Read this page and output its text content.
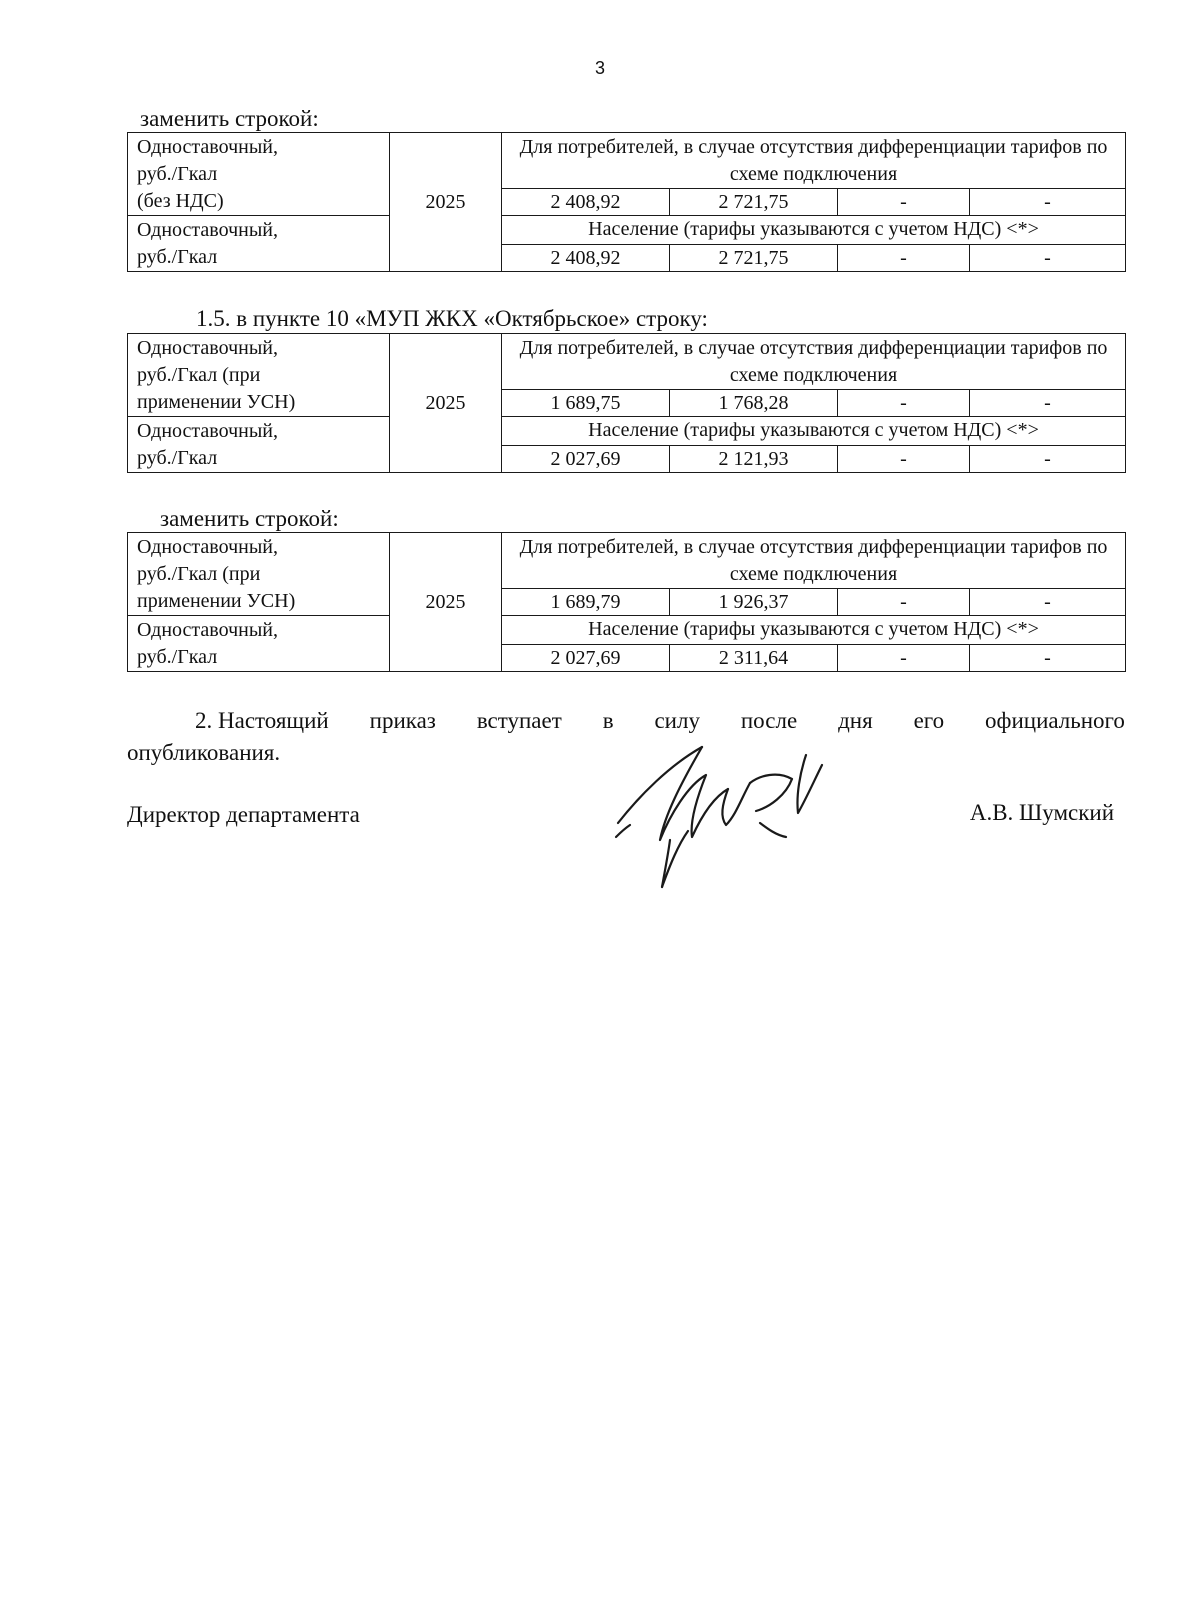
3
заменить строкой:
Одноставочный,
руб./Гкал
(без НДС)	2025	Для потребителей, в случае отсутствия дифференциации тарифов по схеме подключения			

		2 408,92	2 721,75	-	-

Одноставочный,
руб./Гкал		Население (тарифы указываются с учетом НДС) <*>			
		2 408,92	2 721,75	-	-
1.5. в пункте 10 «МУП ЖКХ «Октябрьское» строку:
Одноставочный,
руб./Гкал (при
применении УСН)	2025	Для потребителей, в случае отсутствия дифференциации тарифов по схеме подключения			

		1 689,75	1 768,28	-	-

Одноставочный,
руб./Гкал		Население (тарифы указываются с учетом НДС) <*>			
		2 027,69	2 121,93	-	-
заменить строкой:
Одноставочный,
руб./Гкал (при
применении УСН)	2025	Для потребителей, в случае отсутствия дифференциации тарифов по схеме подключения			

		1 689,79	1 926,37	-	-

Одноставочный,
руб./Гкал		Население (тарифы указываются с учетом НДС) <*>			
		2 027,69	2 311,64	-	-
2. Настоящий приказ вступает в силу после дня его официального
опубликования.
Директор департамента	А.В. Шумский
